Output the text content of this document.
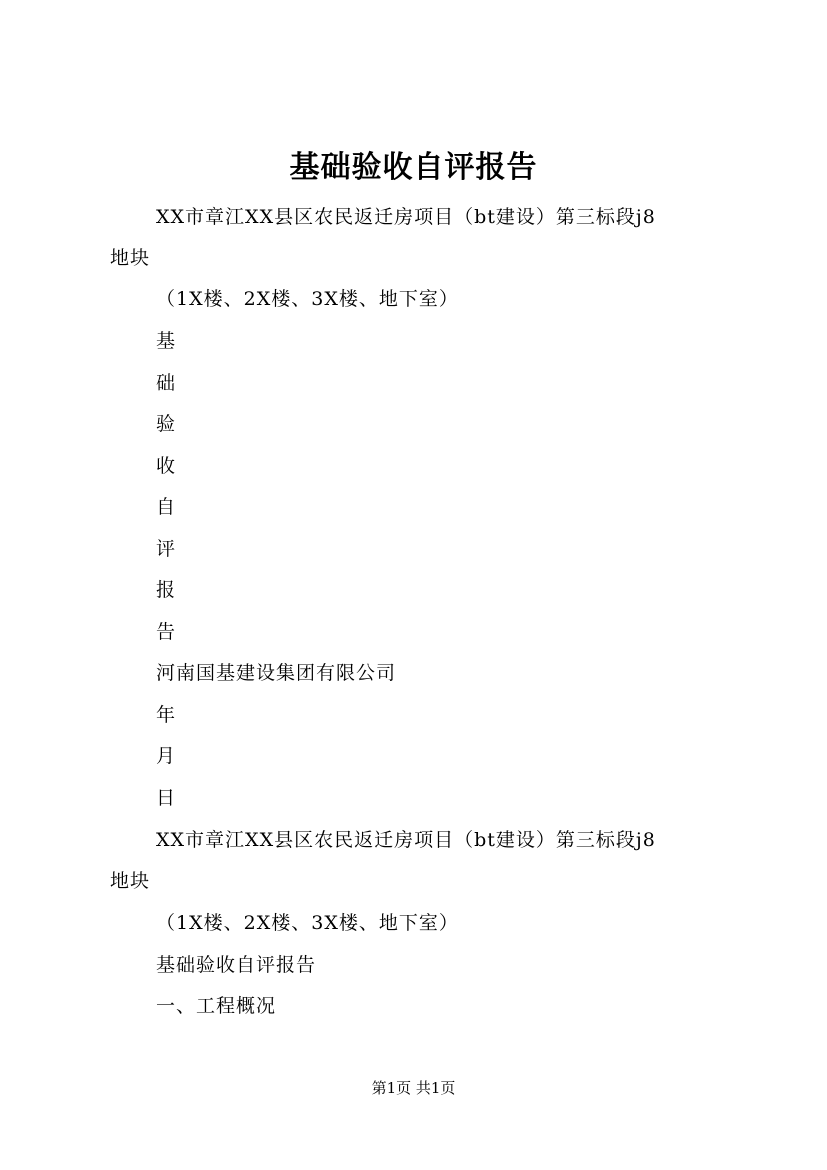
基础验收自评报告

XX市章江XX县区农民返迁房项目（bt建设）第三标段j8

地块

（1X楼、2X楼、3X楼、地下室）

基

础

验

收

自

评

报

告

河南国基建设集团有限公司

年

月

日

XX市章江XX县区农民返迁房项目（bt建设）第三标段j8

地块

（1X楼、2X楼、3X楼、地下室）

基础验收自评报告

一、工程概况

第1页 共1页
